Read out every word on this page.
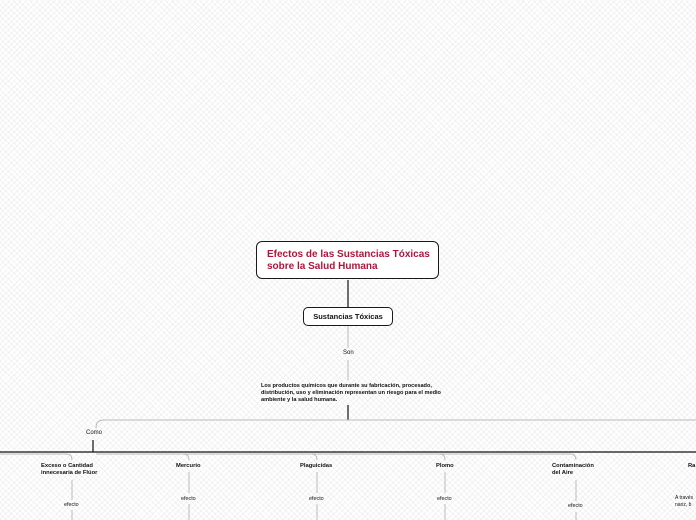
Efectos de las Sustancias Tóxicas sobre la Salud Humana
Sustancias Tóxicas
Son
Los productos químicos que durante su fabricación, procesado, distribución, uso y eliminación representan un riesgo para el medio ambiente y la salud humana.
Como
Exceso o Cantidad innecesaria de Flúor
Mercurio	Plaguicidas	Plomo	Contaminación del Aire
Ra
efecto
efecto	efecto	efecto
efecto
A través nariz, b
